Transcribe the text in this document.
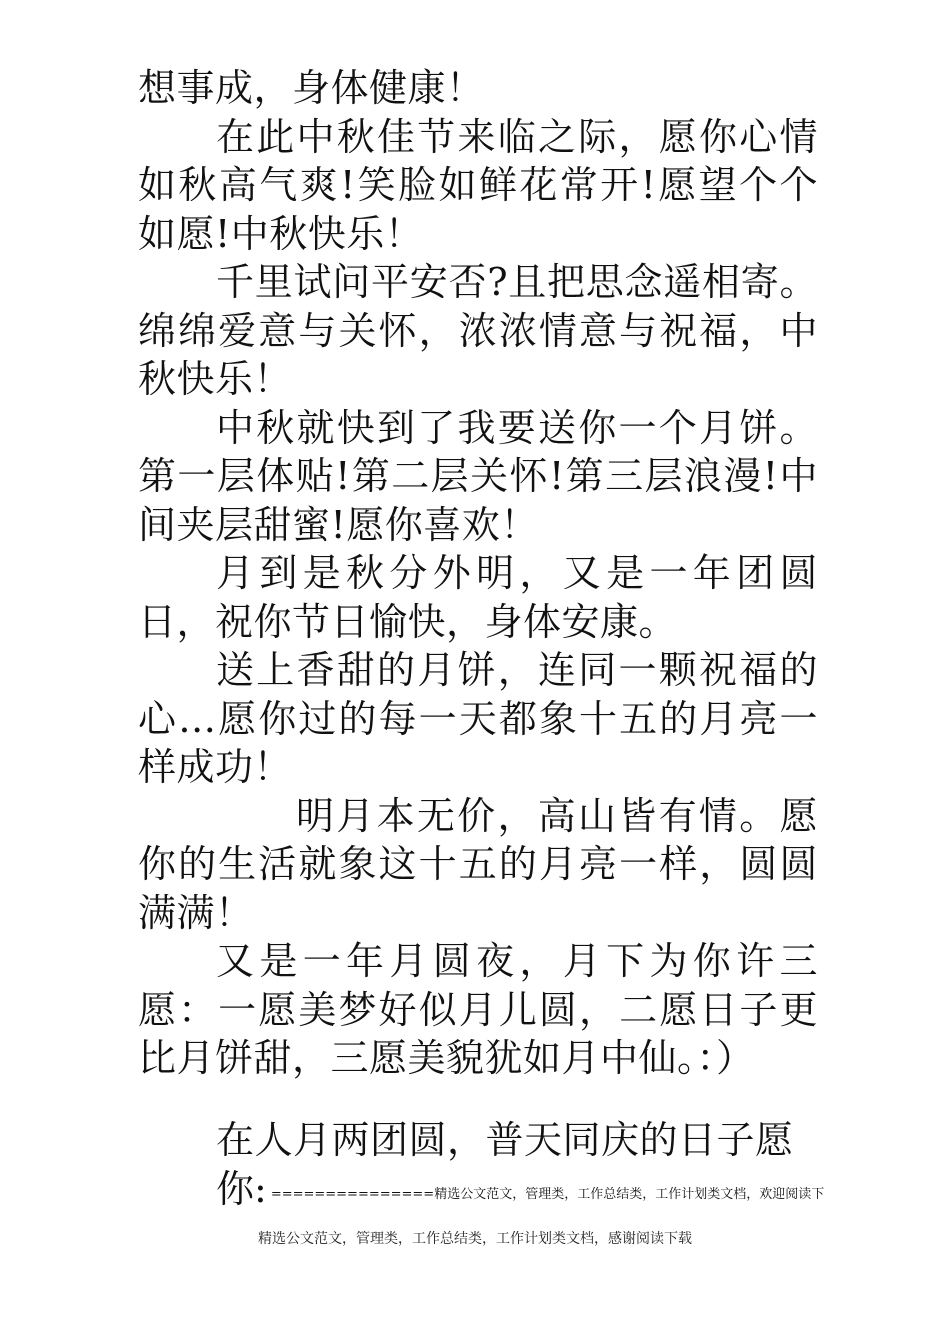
想事成，身体健康！

在此中秋佳节来临之际，愿你心情如秋高气爽!笑脸如鲜花常开!愿望个个如愿!中秋快乐！

千里试问平安否?且把思念遥相寄。绵绵爱意与关怀，浓浓情意与祝福，中秋快乐！

中秋就快到了我要送你一个月饼。第一层体贴!第二层关怀!第三层浪漫!中间夹层甜蜜!愿你喜欢！

月到是秋分外明，又是一年团圆日，祝你节日愉快，身体安康。

送上香甜的月饼，连同一颗祝福的心…愿你过的每一天都象十五的月亮一样成功！

明月本无价，高山皆有情。愿你的生活就象这十五的月亮一样，圆圆满满！

又是一年月圆夜，月下为你许三愿：一愿美梦好似月儿圆，二愿日子更比月饼甜，三愿美貌犹如月中仙。：）

在人月两团圆，普天同庆的日子愿

你: ===============精选公文范文，管理类，工作总结类，工作计划类文档，欢迎阅读下
精选公文范文，管理类，工作总结类，工作计划类文档，感谢阅读下载
